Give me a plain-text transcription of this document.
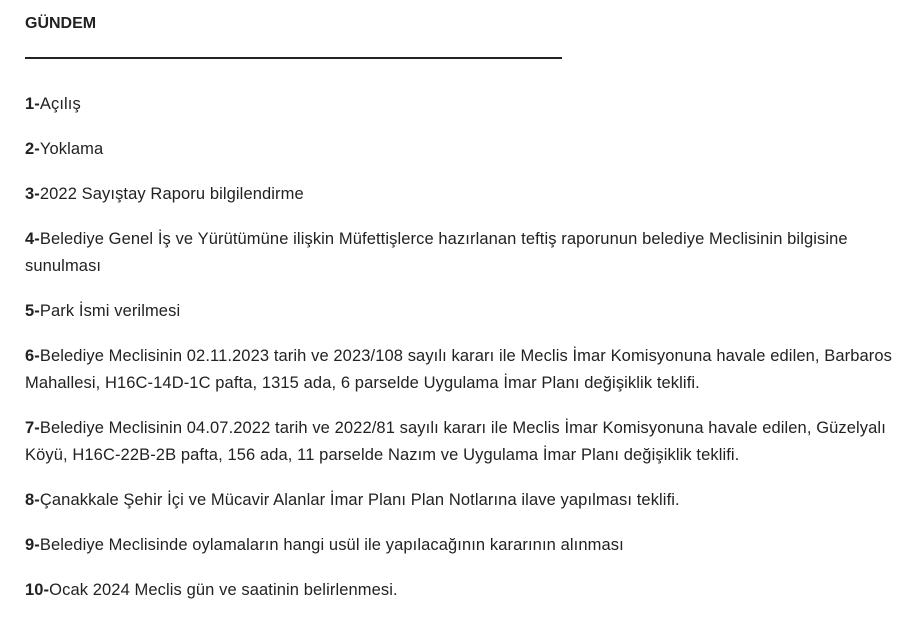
GÜNDEM
1-Açılış
2-Yoklama
3-2022 Sayıştay Raporu bilgilendirme
4-Belediye Genel İş ve Yürütümüne ilişkin Müfettişlerce hazırlanan teftiş raporunun belediye Meclisinin bilgisine sunulması
5-Park İsmi verilmesi
6-Belediye Meclisinin 02.11.2023 tarih ve 2023/108 sayılı kararı ile Meclis İmar Komisyonuna havale edilen, Barbaros Mahallesi, H16C-14D-1C pafta, 1315 ada, 6 parselde Uygulama İmar Planı değişiklik teklifi.
7-Belediye Meclisinin 04.07.2022 tarih ve 2022/81 sayılı kararı ile Meclis İmar Komisyonuna havale edilen, Güzelyalı Köyü, H16C-22B-2B pafta, 156 ada, 11 parselde Nazım ve Uygulama İmar Planı değişiklik teklifi.
8-Çanakkale Şehir İçi ve Mücavir Alanlar İmar Planı Plan Notlarına ilave yapılması teklifi.
9-Belediye Meclisinde oylamaların hangi usül ile yapılacağının kararının alınması
10-Ocak 2024 Meclis gün ve saatinin belirlenmesi.
